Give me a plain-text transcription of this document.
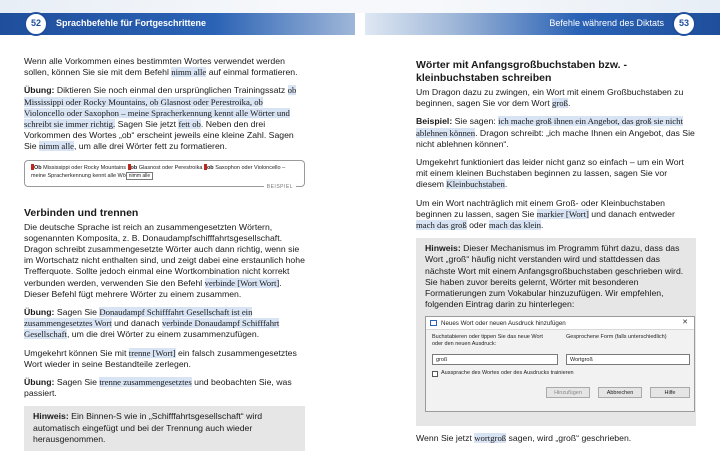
52	Sprachbefehle für Fortgeschrittene	Befehle während des Diktats	53

Wenn alle Vorkommen eines bestimmten Wortes verwendet werden sollen, können Sie sie mit dem Befehl nimm alle auf einmal formatieren.

Übung: Diktieren Sie noch einmal den ursprünglichen Trainingssatz ob Mississippi oder Rocky Mountains, ob Glasnost oder Perestroika, ob Violoncello oder Saxophon – meine Spracherkennung kennt alle Wörter und schreibt sie immer richtig. Sagen Sie jetzt fett ob. Neben den drei Vorkommen des Wortes „ob“ erscheint jeweils eine kleine Zahl. Sagen Sie nimm alle, um alle drei Wörter fett zu formatieren.

Ob Mississippi oder Rocky Mountains ob Glasnost oder Perestroika ob Saxophon oder Violoncello – meine Spracherkennung kennt alle Wö nimm alle
BEISPIEL
Verbinden und trennen

Die deutsche Sprache ist reich an zusammengesetzten Wörtern, sogenannten Komposita, z. B. Donaudampfschifffahrtsgesellschaft. Dragon schreibt zusammengesetzte Wörter auch dann richtig, wenn sie im Wortschatz nicht enthalten sind, und zeigt dabei eine erstaunlich hohe Trefferquote. Sollte jedoch einmal eine Wortkombination nicht korrekt verbunden werden, verwenden Sie den Befehl verbinde [Wort Wort]. Dieser Befehl fügt mehrere Wörter zu einem zusammen.

Übung: Sagen Sie Donaudampf Schifffahrt Gesellschaft ist ein zusammengesetztes Wort und danach verbinde Donaudampf Schifffahrt Gesellschaft, um die drei Wörter zu einem zusammenzufügen.

Umgekehrt können Sie mit trenne [Wort] ein falsch zusammengesetztes Wort wieder in seine Bestandteile zerlegen.

Übung: Sagen Sie trenne zusammengesetztes und beobachten Sie, was passiert.

Hinweis: Ein Binnen-S wie in „Schifffahrtsgesellschaft“ wird automatisch eingefügt und bei der Trennung auch wieder herausgenommen.
Wörter mit Anfangsgroßbuchstaben bzw. -kleinbuchstaben schreiben

Um Dragon dazu zu zwingen, ein Wort mit einem Großbuchstaben zu beginnen, sagen Sie vor dem Wort groß.

Beispiel: Sie sagen: ich mache groß ihnen ein Angebot, das groß sie nicht ablehnen können. Dragon schreibt: „ich mache Ihnen ein Angebot, das Sie nicht ablehnen können“.

Umgekehrt funktioniert das leider nicht ganz so einfach – um ein Wort mit einem kleinen Buchstaben beginnen zu lassen, sagen Sie vor diesem Kleinbuchstaben.

Um ein Wort nachträglich mit einem Groß- oder Kleinbuchstaben beginnen zu lassen, sagen Sie markier [Wort] und danach entweder mach das groß oder mach das klein.

Hinweis: Dieser Mechanismus im Programm führt dazu, dass das Wort „groß“ häufig nicht verstanden wird und stattdessen das nächste Wort mit einem Anfangsgroßbuchstaben geschrieben wird. Sie haben zuvor bereits gelernt, Wörter mit besonderen Formatierungen zum Vokabular hinzuzufügen. Wir empfehlen, folgenden Eintrag darin zu hinterlegen:
Neues Wort oder neuen Ausdruck hinzufügen	✕
Buchstabieren oder tippen Sie das neue Wort oder den neuen Ausdruck:
Gesprochene Form (falls unterschiedlich)
groß	Wortgroß
Aussprache des Wortes oder des Ausdrucks trainieren
Hinzufügen	Abbrechen	Hilfe

Wenn Sie jetzt wortgroß sagen, wird „groß“ geschrieben.
